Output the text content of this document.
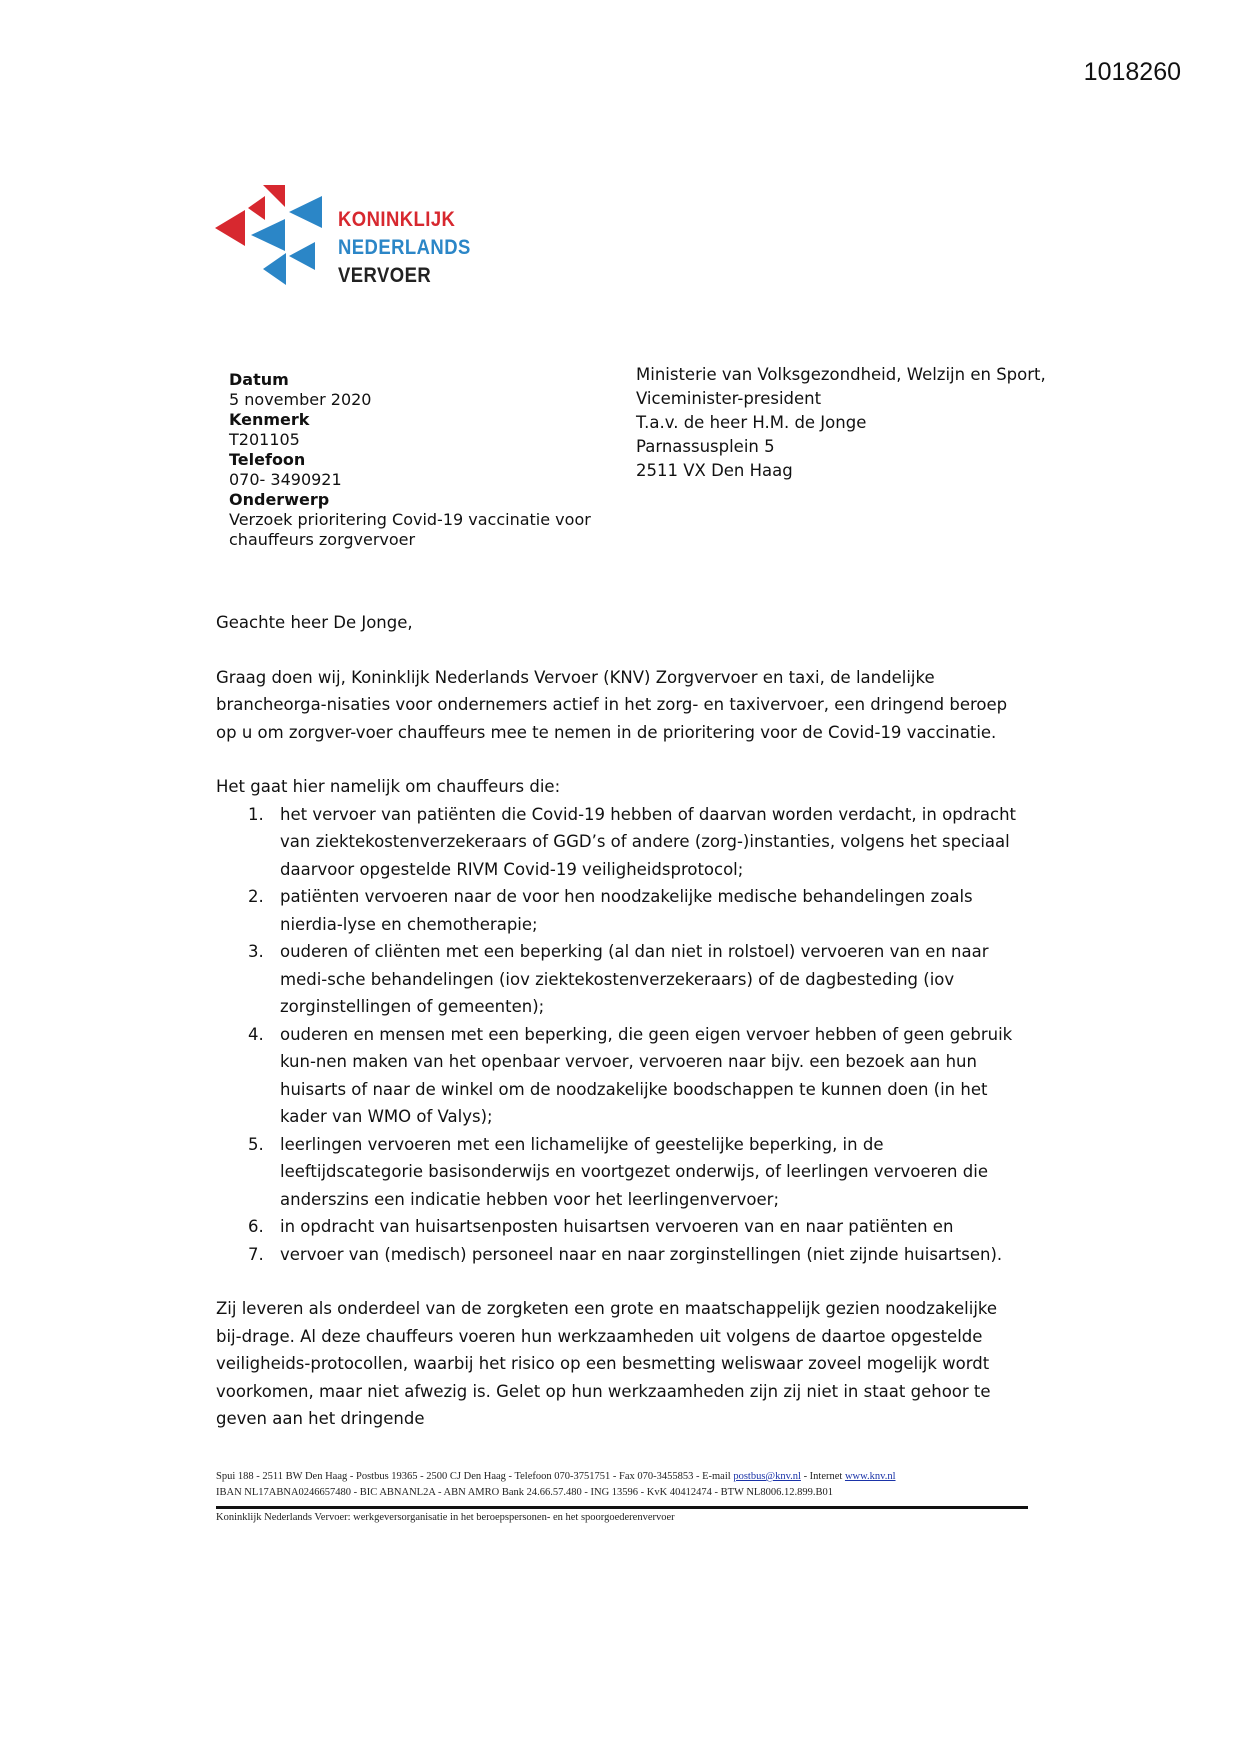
1018260
KONINKLIJK
NEDERLANDS
VERVOER
Datum
5 november 2020
Kenmerk
T201105
Telefoon
070- 3490921
Onderwerp
Verzoek prioritering Covid-19 vaccinatie voor
chauffeurs zorgvervoer
Ministerie van Volksgezondheid, Welzijn en Sport,
Viceminister-president
T.a.v. de heer H.M. de Jonge
Parnassusplein 5
2511 VX Den Haag

Geachte heer De Jonge,

Graag doen wij, Koninklijk Nederlands Vervoer (KNV) Zorgvervoer en taxi, de landelijke brancheorga-nisaties voor ondernemers actief in het zorg- en taxivervoer, een dringend beroep op u om zorgver-voer chauffeurs mee te nemen in de prioritering voor de Covid-19 vaccinatie.

Het gaat hier namelijk om chauffeurs die:

1. het vervoer van patiënten die Covid-19 hebben of daarvan worden verdacht, in opdracht van ziektekostenverzekeraars of GGD’s of andere (zorg-)instanties, volgens het speciaal daarvoor opgestelde RIVM Covid-19 veiligheidsprotocol;
2. patiënten vervoeren naar de voor hen noodzakelijke medische behandelingen zoals nierdia-lyse en chemotherapie;
3. ouderen of cliënten met een beperking (al dan niet in rolstoel) vervoeren van en naar medi-sche behandelingen (iov ziektekostenverzekeraars) of de dagbesteding (iov zorginstellingen of gemeenten);
4. ouderen en mensen met een beperking, die geen eigen vervoer hebben of geen gebruik kun-nen maken van het openbaar vervoer, vervoeren naar bijv. een bezoek aan hun huisarts of naar de winkel om de noodzakelijke boodschappen te kunnen doen (in het kader van WMO of Valys);
5. leerlingen vervoeren met een lichamelijke of geestelijke beperking, in de leeftijdscategorie basisonderwijs en voortgezet onderwijs, of leerlingen vervoeren die anderszins een indicatie hebben voor het leerlingenvervoer;
6. in opdracht van huisartsenposten huisartsen vervoeren van en naar patiënten en
7. vervoer van (medisch) personeel naar en naar zorginstellingen (niet zijnde huisartsen).

Zij leveren als onderdeel van de zorgketen een grote en maatschappelijk gezien noodzakelijke bij-drage. Al deze chauffeurs voeren hun werkzaamheden uit volgens de daartoe opgestelde veiligheids-protocollen, waarbij het risico op een besmetting weliswaar zoveel mogelijk wordt voorkomen, maar niet afwezig is. Gelet op hun werkzaamheden zijn zij niet in staat gehoor te geven aan het dringende

Spui 188 - 2511 BW Den Haag - Postbus 19365 - 2500 CJ Den Haag - Telefoon 070-3751751 - Fax 070-3455853 - E-mail postbus@knv.nl - Internet www.knv.nl
IBAN NL17ABNA0246657480 - BIC ABNANL2A - ABN AMRO Bank 24.66.57.480 - ING 13596 - KvK 40412474 - BTW NL8006.12.899.B01
Koninklijk Nederlands Vervoer: werkgeversorganisatie in het beroepspersonen- en het spoorgoederenvervoer
